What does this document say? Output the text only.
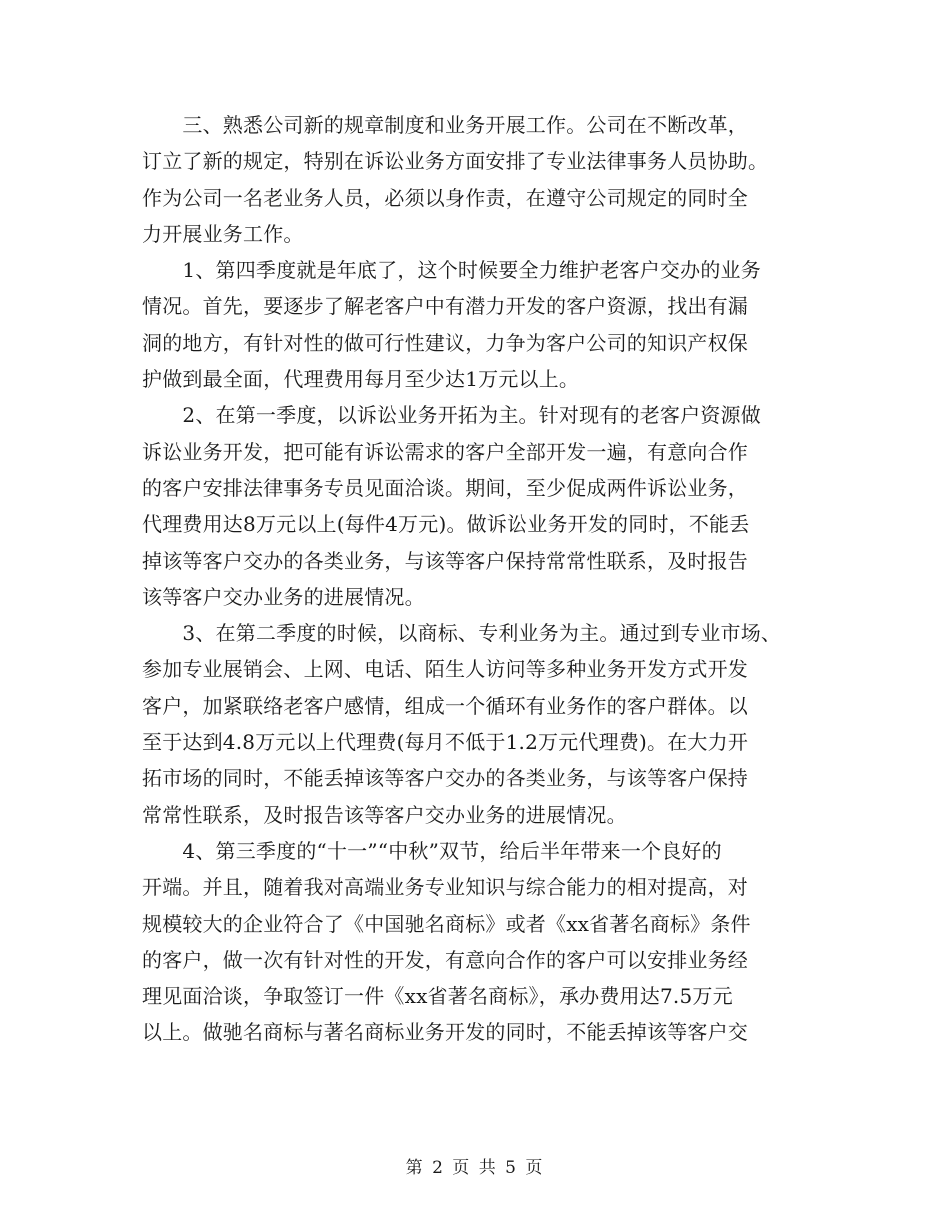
　　三、熟悉公司新的规章制度和业务开展工作。公司在不断改革，
订立了新的规定，特别在诉讼业务方面安排了专业法律事务人员协助。
作为公司一名老业务人员，必须以身作责，在遵守公司规定的同时全
力开展业务工作。
　　1、第四季度就是年底了，这个时候要全力维护老客户交办的业务
情况。首先，要逐步了解老客户中有潜力开发的客户资源，找出有漏
洞的地方，有针对性的做可行性建议，力争为客户公司的知识产权保
护做到最全面，代理费用每月至少达1万元以上。
　　2、在第一季度，以诉讼业务开拓为主。针对现有的老客户资源做
诉讼业务开发，把可能有诉讼需求的客户全部开发一遍，有意向合作
的客户安排法律事务专员见面洽谈。期间，至少促成两件诉讼业务，
代理费用达8万元以上(每件4万元)。做诉讼业务开发的同时，不能丢
掉该等客户交办的各类业务，与该等客户保持常常性联系，及时报告
该等客户交办业务的进展情况。
　　3、在第二季度的时候，以商标、专利业务为主。通过到专业市场、
参加专业展销会、上网、电话、陌生人访问等多种业务开发方式开发
客户，加紧联络老客户感情，组成一个循环有业务作的客户群体。以
至于达到4.8万元以上代理费(每月不低于1.2万元代理费)。在大力开
拓市场的同时，不能丢掉该等客户交办的各类业务，与该等客户保持
常常性联系，及时报告该等客户交办业务的进展情况。
　　4、第三季度的“十一”“中秋”双节，给后半年带来一个良好的
开端。并且，随着我对高端业务专业知识与综合能力的相对提高，对
规模较大的企业符合了《中国驰名商标》或者《xx省著名商标》条件
的客户，做一次有针对性的开发，有意向合作的客户可以安排业务经
理见面洽谈，争取签订一件《xx省著名商标》，承办费用达7.5万元
以上。做驰名商标与著名商标业务开发的同时，不能丢掉该等客户交
第 2 页 共 5 页
